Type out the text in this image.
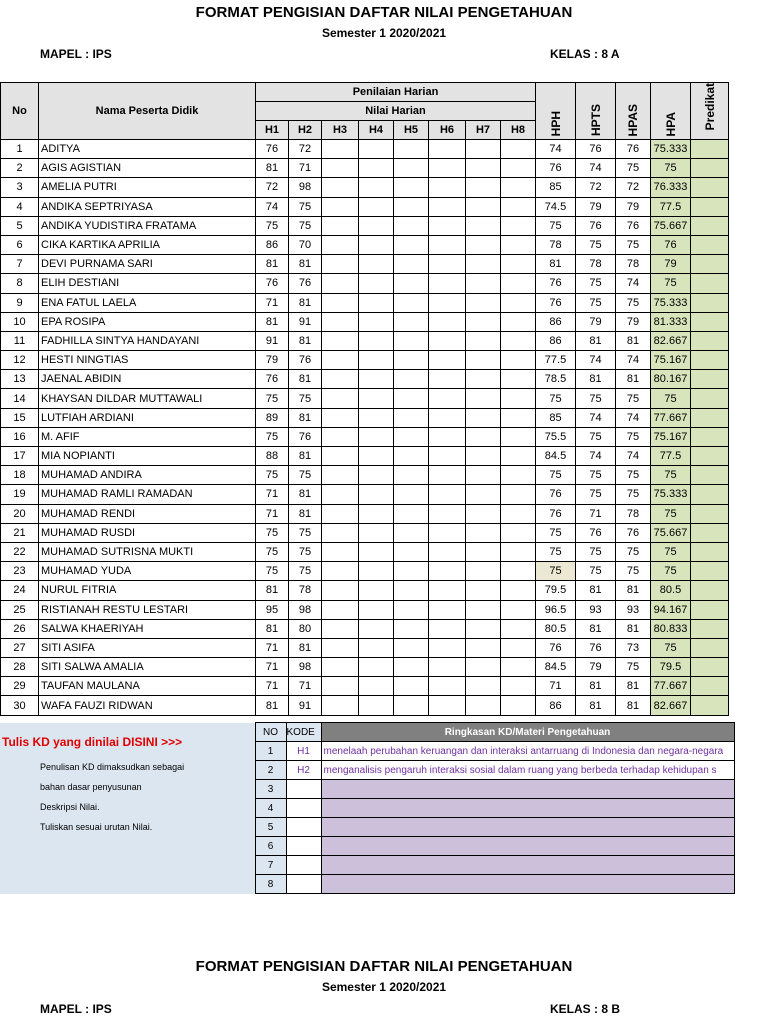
FORMAT PENGISIAN DAFTAR NILAI PENGETAHUAN
Semester 1 2020/2021
MAPEL : IPS	KELAS : 8 A
No	Nama Peserta Didik	Penilaian Harian								HPH	HPTS	HPAS	HPA	Predikat
		Nilai Harian												
		H1	H2	H3	H4	H5	H6	H7	H8					
1	ADITYA	76	72							74	76	76	75.333	
2	AGIS AGISTIAN	81	71							76	74	75	75	
3	AMELIA PUTRI	72	98							85	72	72	76.333	
4	ANDIKA SEPTRIYASA	74	75							74.5	79	79	77.5	
5	ANDIKA YUDISTIRA FRATAMA	75	75							75	76	76	75.667	
6	CIKA KARTIKA APRILIA	86	70							78	75	75	76	
7	DEVI PURNAMA SARI	81	81							81	78	78	79	
8	ELIH DESTIANI	76	76							76	75	74	75	
9	ENA FATUL LAELA	71	81							76	75	75	75.333	
10	EPA ROSIPA	81	91							86	79	79	81.333	
11	FADHILLA SINTYA HANDAYANI	91	81							86	81	81	82.667	
12	HESTI NINGTIAS	79	76							77.5	74	74	75.167	
13	JAENAL ABIDIN	76	81							78.5	81	81	80.167	
14	KHAYSAN DILDAR MUTTAWALI	75	75							75	75	75	75	
15	LUTFIAH ARDIANI	89	81							85	74	74	77.667	
16	M. AFIF	75	76							75.5	75	75	75.167	
17	MIA NOPIANTI	88	81							84.5	74	74	77.5	
18	MUHAMAD ANDIRA	75	75							75	75	75	75	
19	MUHAMAD RAMLI RAMADAN	71	81							76	75	75	75.333	
20	MUHAMAD RENDI	71	81							76	71	78	75	
21	MUHAMAD RUSDI	75	75							75	76	76	75.667	
22	MUHAMAD SUTRISNA MUKTI	75	75							75	75	75	75	
23	MUHAMAD YUDA	75	75							75	75	75	75	
24	NURUL FITRIA	81	78							79.5	81	81	80.5	
25	RISTIANAH RESTU LESTARI	95	98							96.5	93	93	94.167	
26	SALWA KHAERIYAH	81	80							80.5	81	81	80.833	
27	SITI ASIFA	71	81							76	76	73	75	
28	SITI SALWA AMALIA	71	98							84.5	79	75	79.5	
29	TAUFAN MAULANA	71	71							71	81	81	77.667	
30	WAFA FAUZI RIDWAN	81	91							86	81	81	82.667	
Tulis KD yang dinilai DISINI >>>
Penulisan KD dimaksudkan sebagai
bahan dasar penyusunan
Deskripsi Nilai.
Tuliskan sesuai urutan Nilai.	NO	KODE	Ringkasan KD/Materi Pengetahuan
	1	H1	menelaah perubahan keruangan dan interaksi antarruang di Indonesia dan negara-negara
	2	H2	menganalisis pengaruh interaksi sosial dalam ruang yang berbeda terhadap kehidupan s
	3		
	4		
	5		
	6		
	7		
	8		
FORMAT PENGISIAN DAFTAR NILAI PENGETAHUAN
Semester 1 2020/2021
MAPEL : IPS	KELAS : 8 B
